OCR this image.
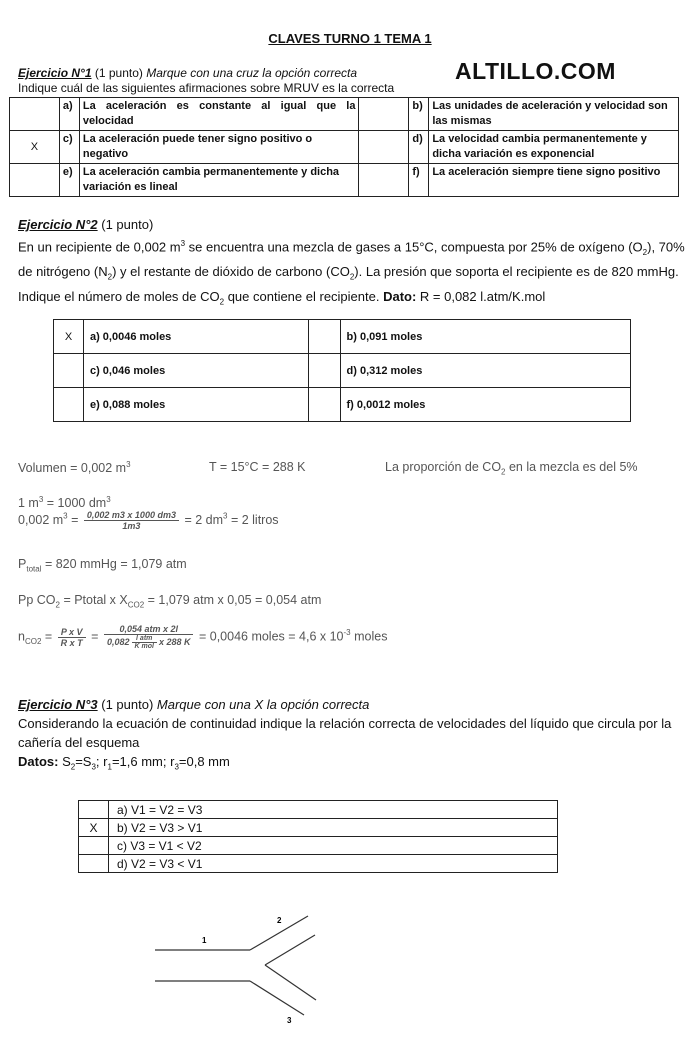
CLAVES TURNO 1 TEMA 1
ALTILLO.COM
Ejercicio N°1 (1 punto) Marque con una cruz la opción correcta
Indique cuál de las siguientes afirmaciones sobre MRUV es la correcta
	a)	La aceleración es constante al igual que la velocidad		b)	Las unidades de aceleración y velocidad son las mismas
X	c)	La aceleración puede tener signo positivo o negativo		d)	La velocidad cambia permanentemente y dicha variación es exponencial
	e)	La aceleración cambia permanentemente y dicha variación es lineal		f)	La aceleración siempre tiene signo positivo
Ejercicio N°2 (1 punto)
En un recipiente de 0,002 $m^3$ se encuentra una mezcla de gases a 15°C, compuesta por 25% de oxígeno $(O_2)$, 70% de nitrógeno $(N_2)$ y el restante de dióxido de carbono $(CO_2)$. La presión que soporta el recipiente es de 820 mmHg. Indique el número de moles de $CO_2$ que contiene el recipiente. Dato: R = 0,082 l.atm/K.mol
X	a) 0,0046 moles		b) 0,091 moles
	c) 0,046 moles		d) 0,312 moles
	e) 0,088 moles		f) 0,0012 moles
Volumen = 0,002 $m^3$	T = 15°C = 288 K	La proporción de $CO_2$ en la mezcla es del 5%
1 $m^3 = 1000$ $dm^3$
0,002 $m^3 = \frac{0,002 m3 x 1000 dm3}{1m3} = 2$ $dm^3 = 2$ litros
$P_{total} = 820$ mmHg = 1,079 atm
Pp $CO_2$ = Ptotal x $X_{CO2} = 1,079$ atm x 0,05 = 0,054 atm
$n_{CO2} = \frac{\text{P x V}}{\text{R x T}} = \frac{\text{0,054 atm x 2l}}{0,082 \frac{\text{l atm}}{\text{K mol}} x 288 K} = 0,0046$ moles = 4,6 x $10^{-3}$ moles
Ejercicio N°3 (1 punto) Marque con una X la opción correcta
Considerando la ecuación de continuidad indique la relación correcta de velocidades del líquido que circula por la cañería del esquema
Datos: $S_2=S_3$; $r_1=1,6$ mm; $r_3=0,8$ mm
	a) V1 = V2 = V3
X	b) V2 = V3 > V1
	c) V3 = V1 < V2
	d) V2 = V3 < V1
1
2
3
